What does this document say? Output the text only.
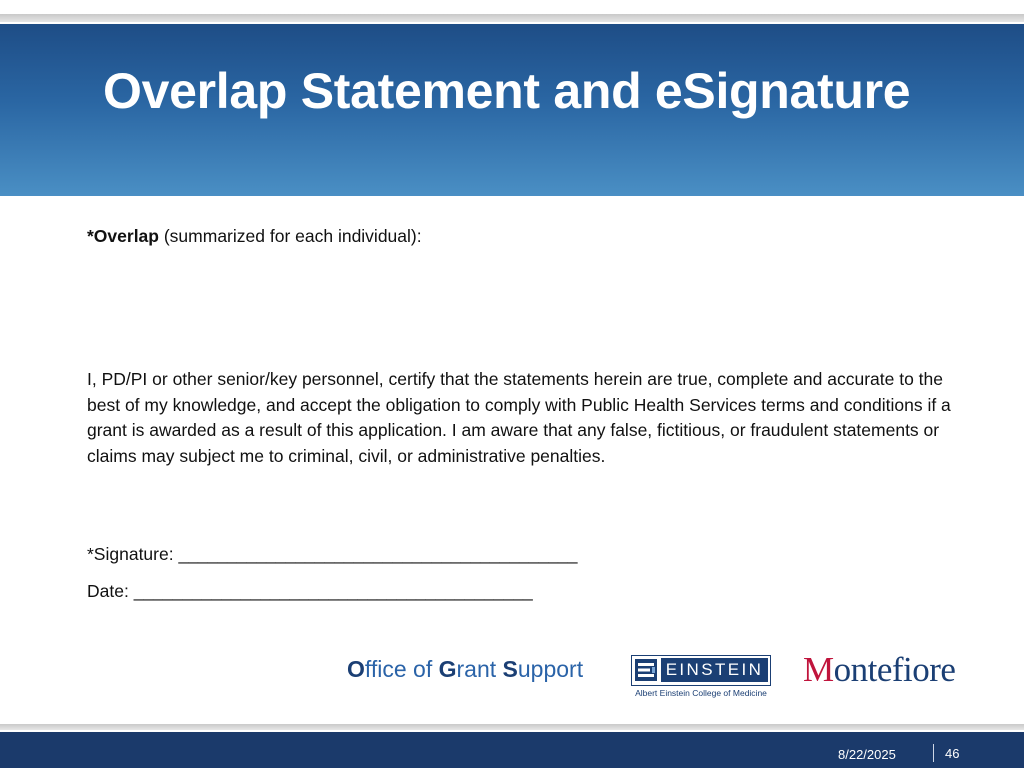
Overlap Statement and eSignature
*Overlap (summarized for each individual):

I, PD/PI or other senior/key personnel, certify that the statements herein are true, complete and accurate to the best of my knowledge, and accept the obligation to comply with Public Health Services terms and conditions if a grant is awarded as a result of this application. I am aware that any false, fictitious, or fraudulent statements or claims may subject me to criminal, civil, or administrative penalties.

*Signature: _________________________________________
Date: _________________________________________
Office of Grant Support	EINSTEIN
Albert Einstein College of Medicine
Montefiore
8/22/2025	46
